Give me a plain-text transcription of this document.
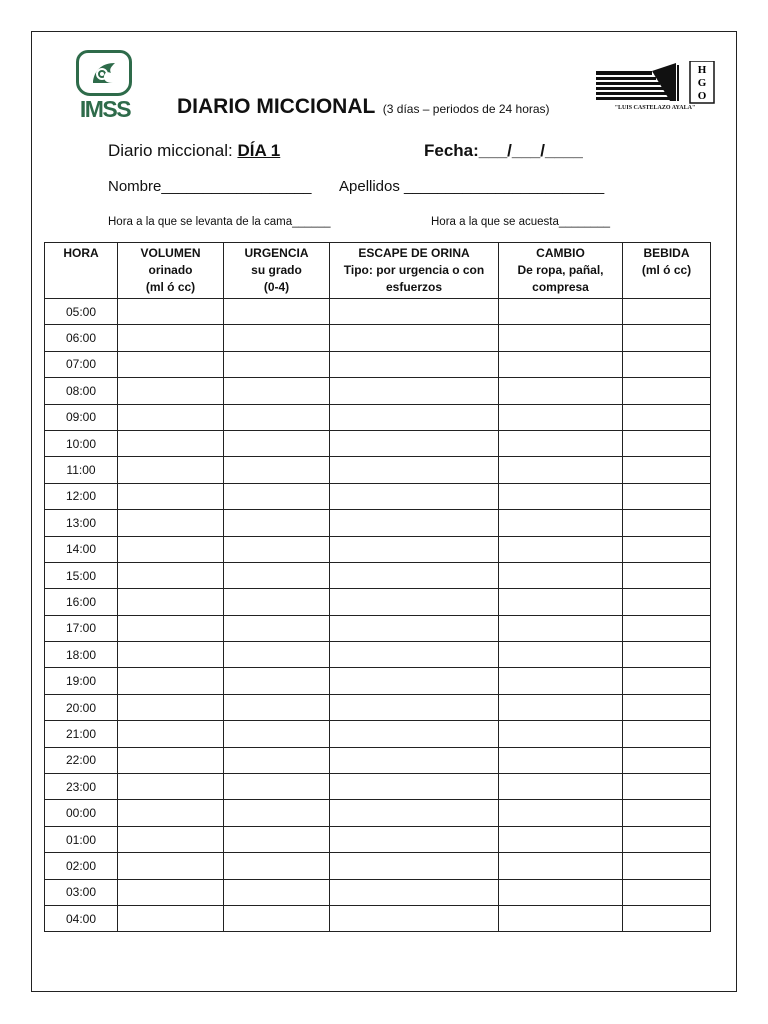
IMSS	DIARIO MICCIONAL (3 días – periodos de 24 horas)
H
G
O
"LUIS CASTELAZO AYALA"
Diario miccional: DÍA 1	Fecha:___/___/____
Nombre__________________ Apellidos ________________________
Hora a la que se levanta de la cama______	Hora a la que se acuesta________
HORA	VOLUMEN
orinado
(ml ó cc)	URGENCIA
su grado
(0-4)	ESCAPE DE ORINA
Tipo: por urgencia o con
esfuerzos	CAMBIO
De ropa, pañal,
compresa	BEBIDA
(ml ó cc)

05:00					
06:00					
07:00					
08:00					
09:00					
10:00					
11:00					
12:00					
13:00					
14:00					
15:00					
16:00					
17:00					
18:00					
19:00					
20:00					
21:00					
22:00					
23:00					
00:00					
01:00					
02:00					
03:00					
04:00					
